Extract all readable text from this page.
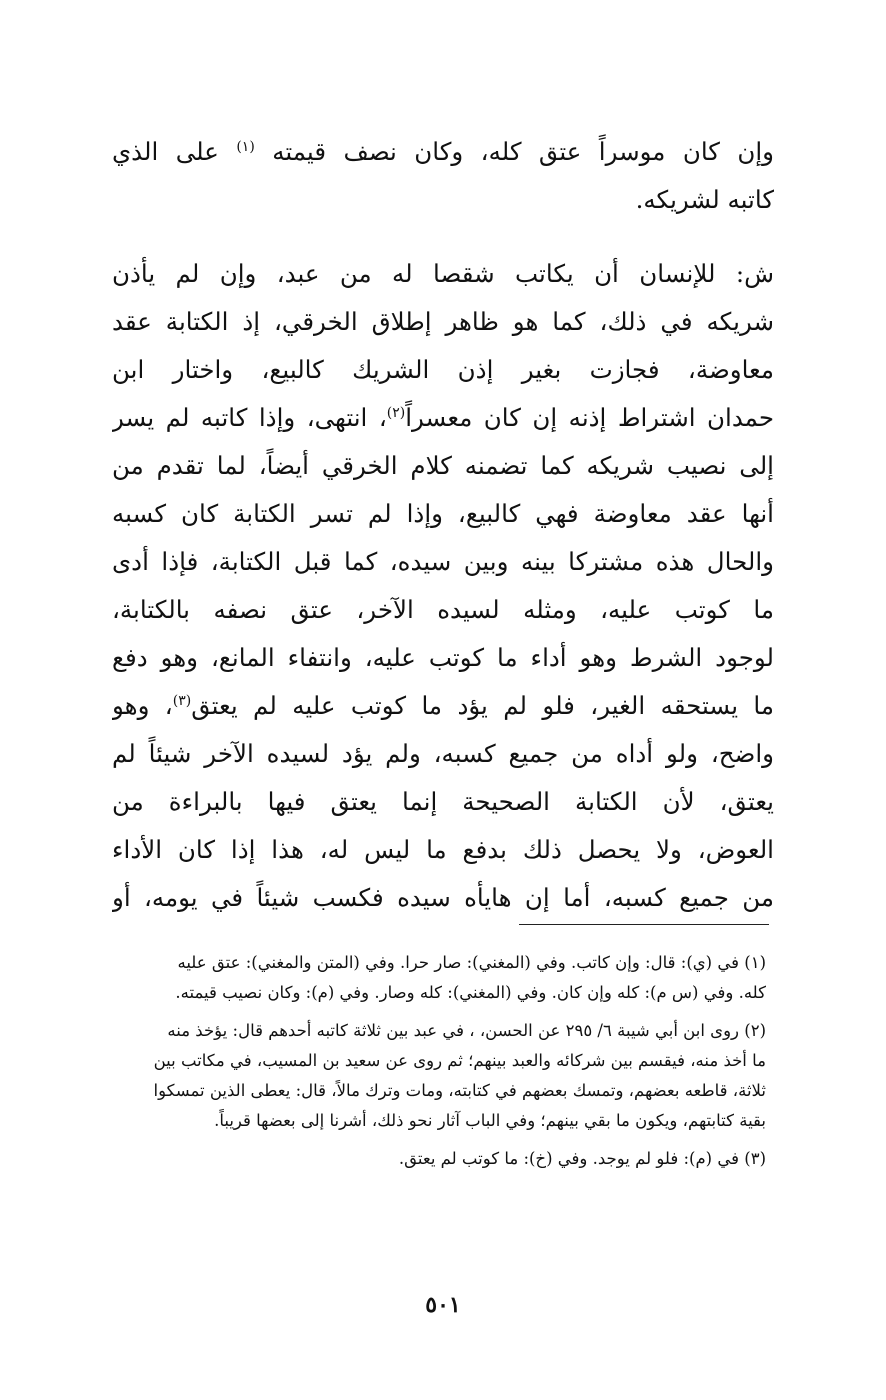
وإن كان موسراً عتق كله، وكان نصف قيمته $^{(١)}$ على الذي
كاتبه لشريكه.
ش: للإنسان أن يكاتب شقصا له من عبد، وإن لم يأذن
شريكه في ذلك، كما هو ظاهر إطلاق الخرقي، إذ الكتابة عقد
معاوضة، فجازت بغير إذن الشريك كالبيع، واختار ابن
حمدان اشتراط إذنه إن كان معسراً$^{(٢)}$، انتهى، وإذا كاتبه لم يسر
إلى نصيب شريكه كما تضمنه كلام الخرقي أيضاً، لما تقدم من
أنها عقد معاوضة فهي كالبيع، وإذا لم تسر الكتابة كان كسبه
والحال هذه مشتركا بينه وبين سيده، كما قبل الكتابة، فإذا أدى
ما كوتب عليه، ومثله لسيده الآخر، عتق نصفه بالكتابة،
لوجود الشرط وهو أداء ما كوتب عليه، وانتفاء المانع، وهو دفع
ما يستحقه الغير، فلو لم يؤد ما كوتب عليه لم يعتق$^{(٣)}$، وهو
واضح، ولو أداه من جميع كسبه، ولم يؤد لسيده الآخر شيئاً لم
يعتق، لأن الكتابة الصحيحة إنما يعتق فيها بالبراءة من
العوض، ولا يحصل ذلك بدفع ما ليس له، هذا إذا كان الأداء
من جميع كسبه، أما إن هايأه سيده فكسب شيئاً في يومه، أو
(١) في (ي): قال: وإن كاتب. وفي (المغني): صار حرا. وفي (المتن والمغني): عتق عليه
كله. وفي (س م): كله وإن كان. وفي (المغني): كله وصار. وفي (م): وكان نصيب قيمته.
(٢) روى ابن أبي شيبة ٦/ ٢٩٥ عن الحسن، ، في عبد بين ثلاثة كاتبه أحدهم قال: يؤخذ منه
ما أخذ منه، فيقسم بين شركائه والعبد بينهم؛ ثم روى عن سعيد بن المسيب، في مكاتب بين
ثلاثة، قاطعه بعضهم، وتمسك بعضهم في كتابته، ومات وترك مالاً، قال: يعطى الذين تمسكوا
بقية كتابتهم، ويكون ما بقي بينهم؛ وفي الباب آثار نحو ذلك، أشرنا إلى بعضها قريباً.
(٣) في (م): فلو لم يوجد. وفي (خ): ما كوتب لم يعتق.
٥٠١
